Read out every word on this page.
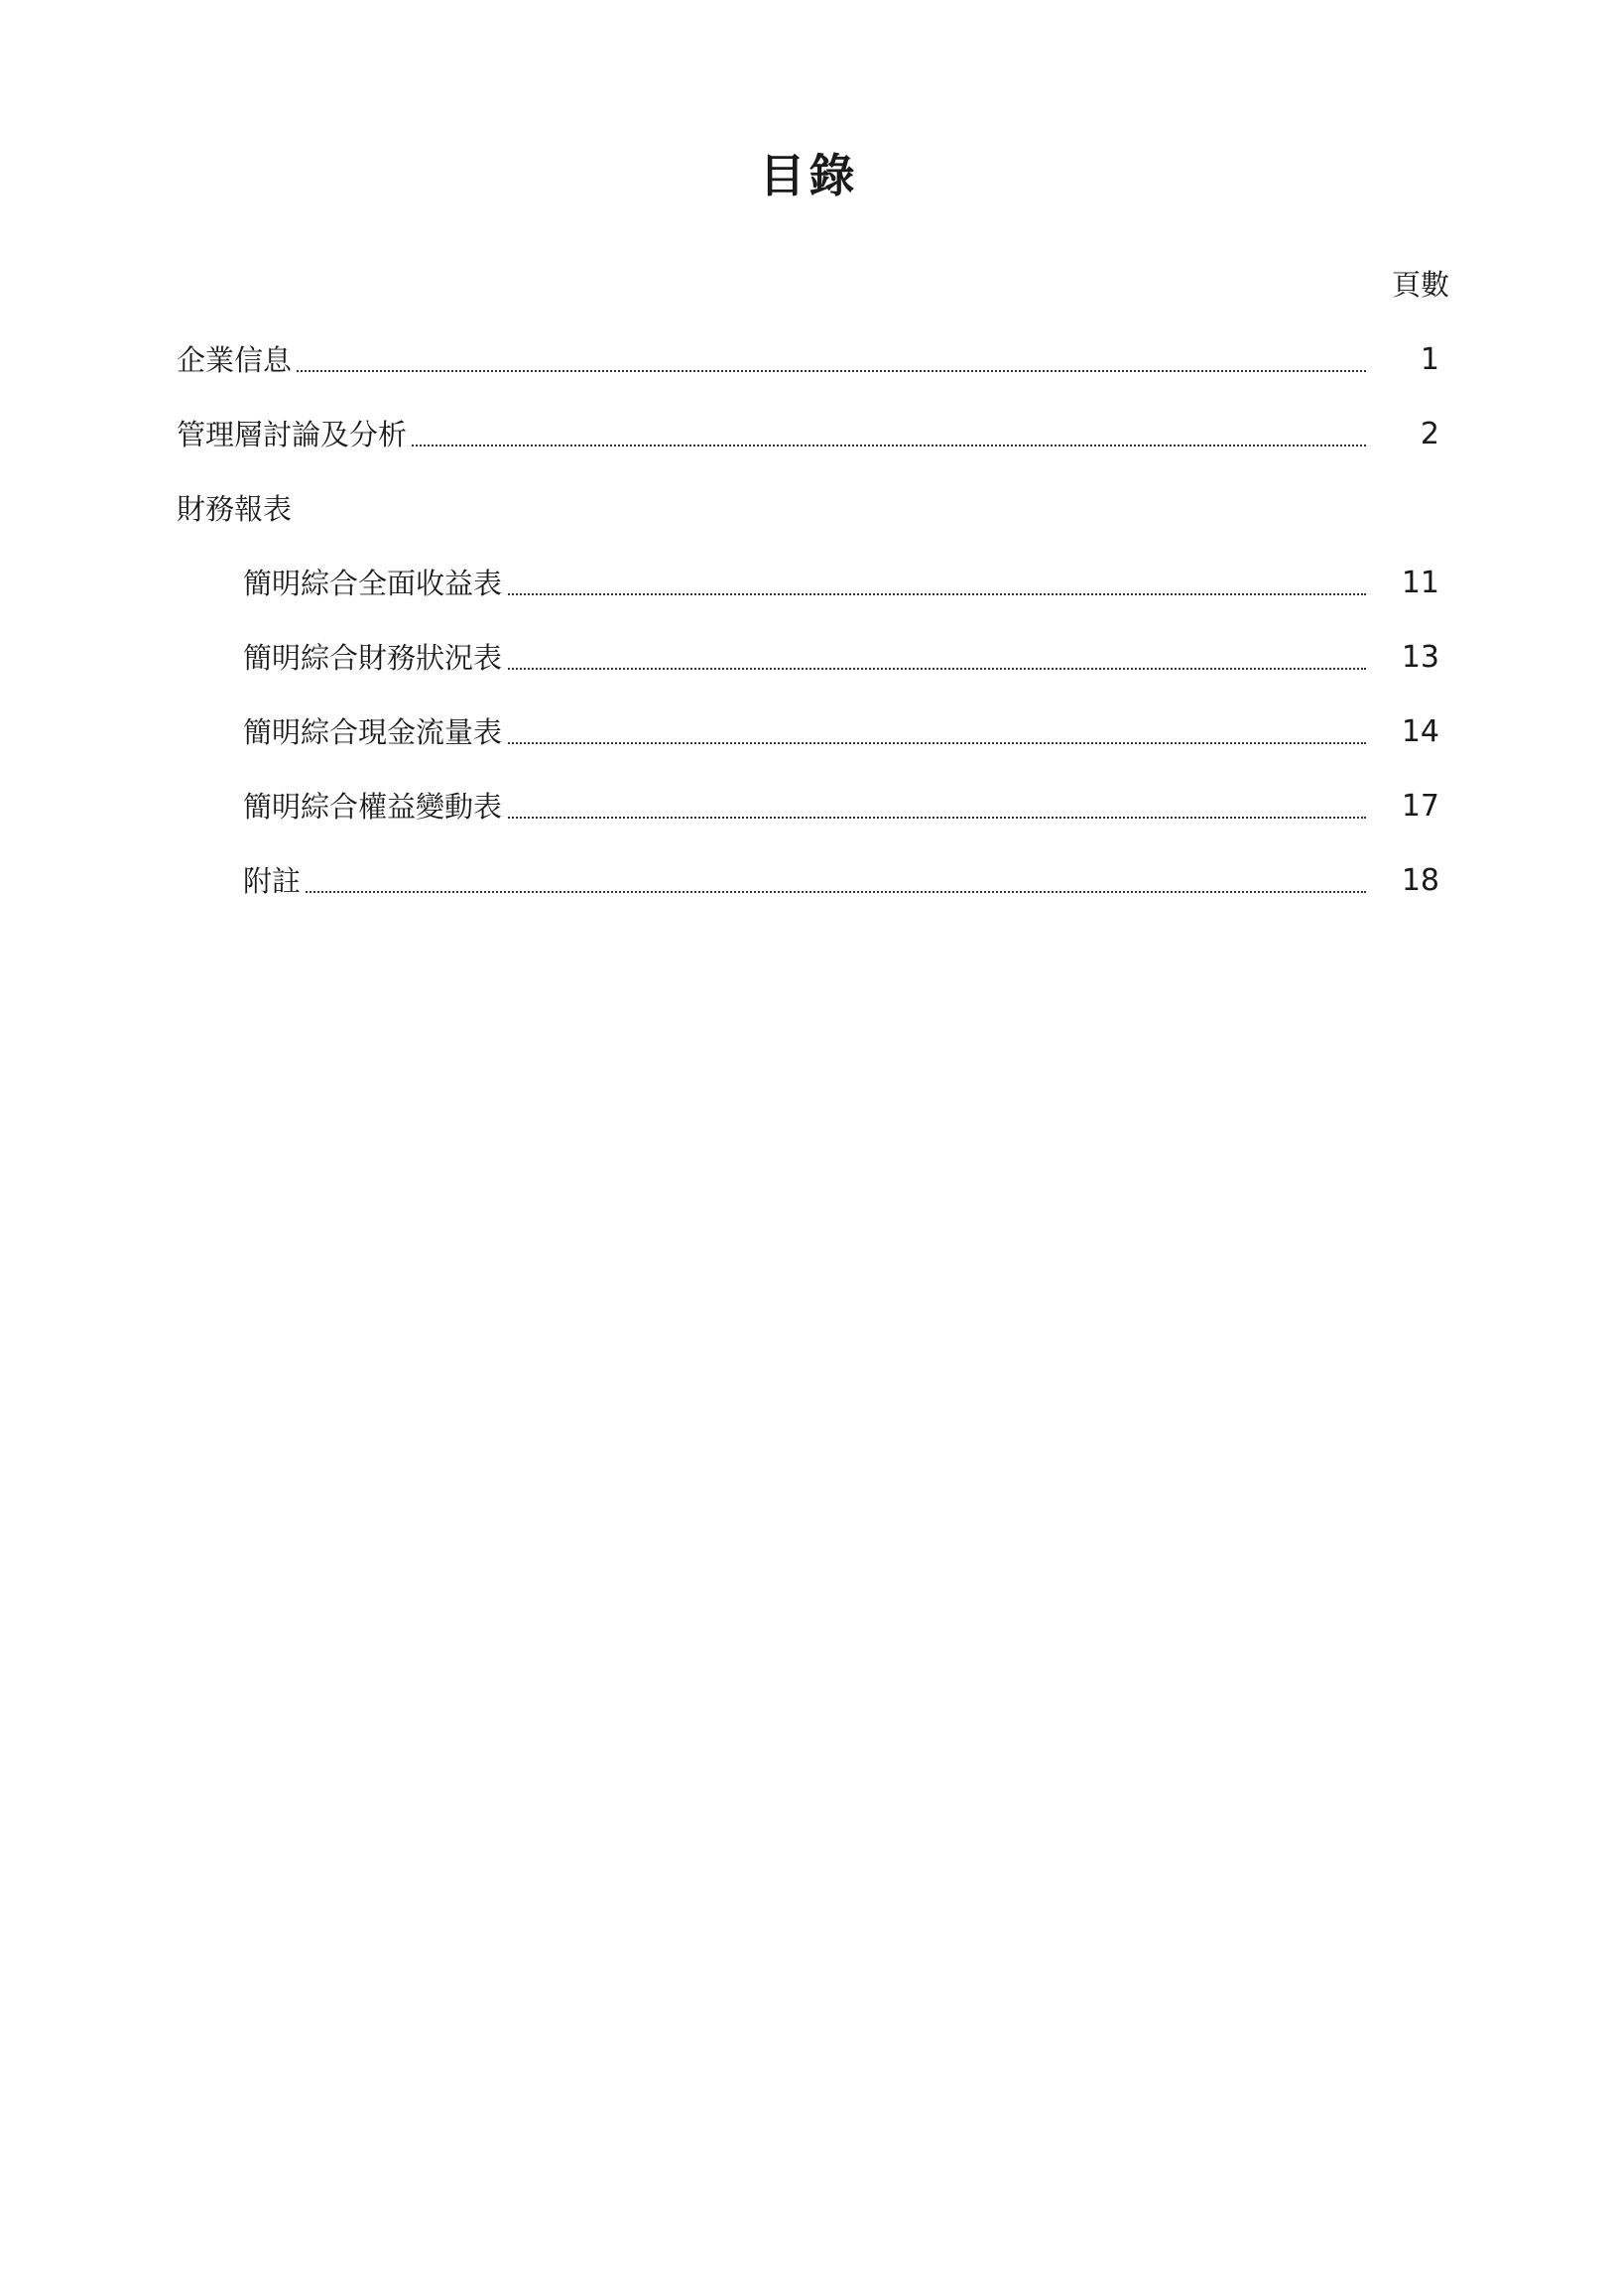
目錄
頁數
企業信息	1
管理層討論及分析	2
財務報表
簡明綜合全面收益表	11
簡明綜合財務狀況表	13
簡明綜合現金流量表	14
簡明綜合權益變動表	17
附註	18
